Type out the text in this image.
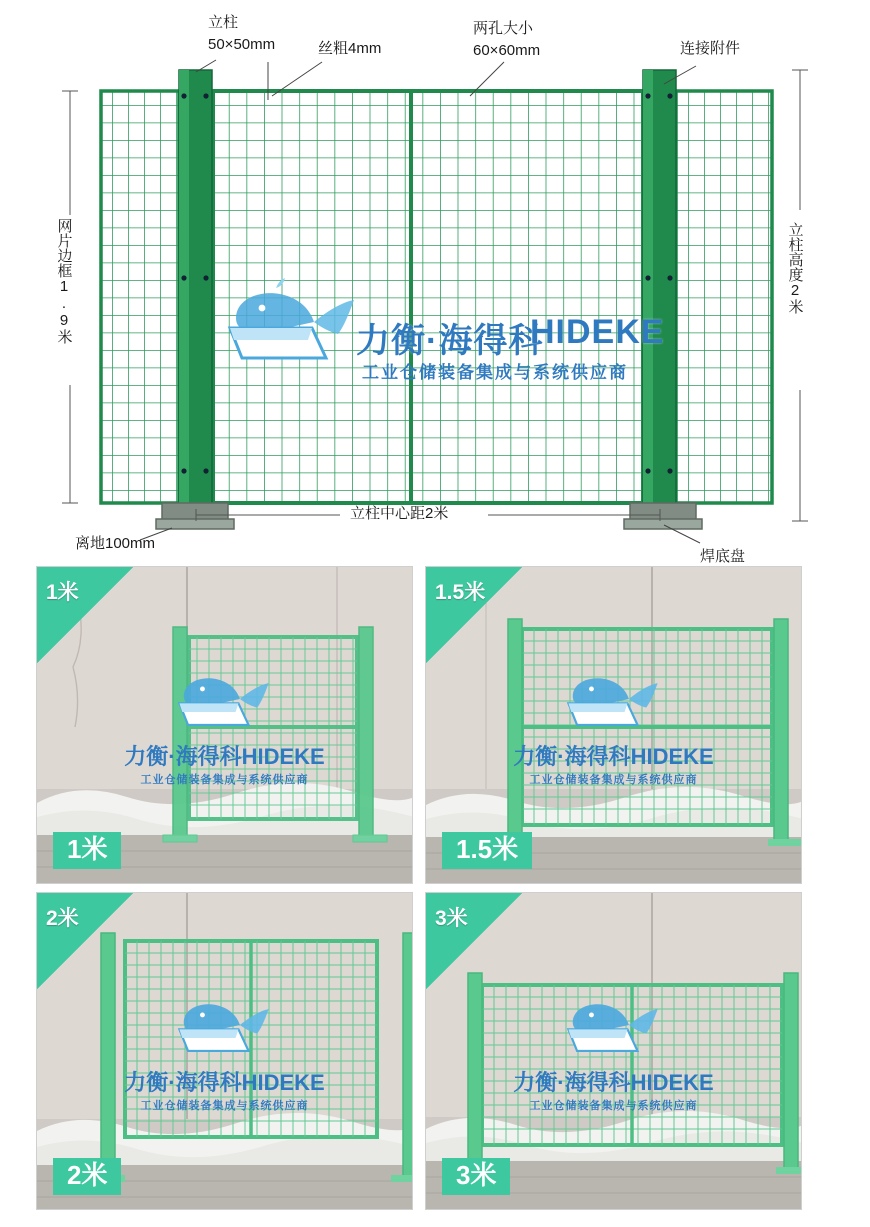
力衡·海得科
HIDEKE
工业仓储装备集成与系统供应商
立柱
50×50mm	丝粗4mm
两孔大小
60×60mm	连接附件
网片边框1.9米	立柱高度2米
立柱中心距2米
离地100mm
焊底盘
1米
力衡·海得科HIDEKE
工业仓储装备集成与系统供应商
1米
1.5米
力衡·海得科HIDEKE
工业仓储装备集成与系统供应商
1.5米
2米
力衡·海得科HIDEKE
工业仓储装备集成与系统供应商
2米
3米
力衡·海得科HIDEKE
工业仓储装备集成与系统供应商
3米
